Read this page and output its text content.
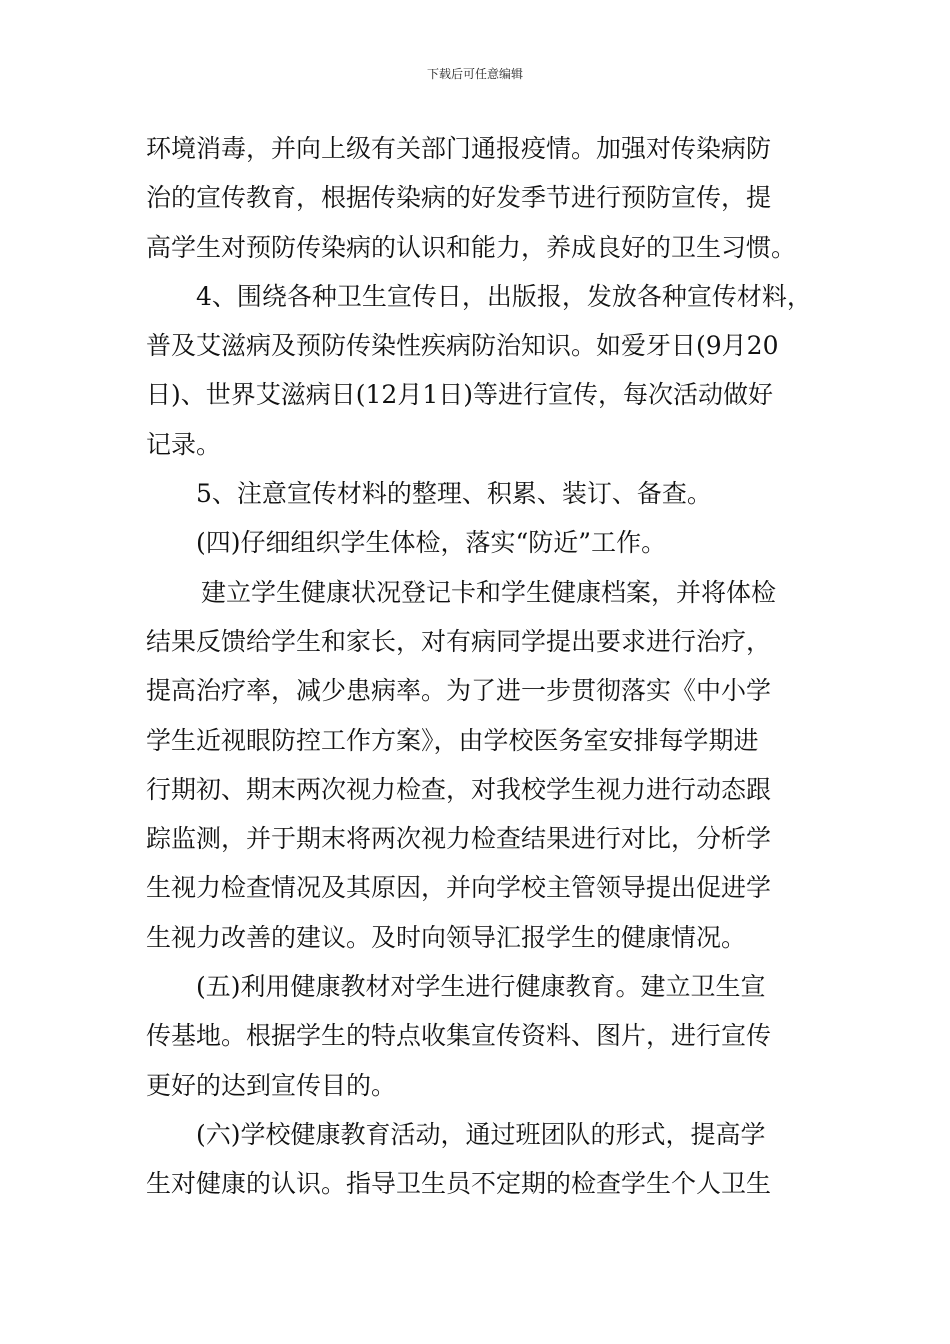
下载后可任意编辑
环境消毒，并向上级有关部门通报疫情。加强对传染病防
治的宣传教育，根据传染病的好发季节进行预防宣传，提
高学生对预防传染病的认识和能力，养成良好的卫生习惯。
4、围绕各种卫生宣传日，出版报，发放各种宣传材料，
普及艾滋病及预防传染性疾病防治知识。如爱牙日(9月20
日)、世界艾滋病日(12月1日)等进行宣传，每次活动做好
记录。
5、注意宣传材料的整理、积累、装订、备查。
(四)仔细组织学生体检，落实“防近”工作。
建立学生健康状况登记卡和学生健康档案，并将体检
结果反馈给学生和家长，对有病同学提出要求进行治疗，
提高治疗率，减少患病率。为了进一步贯彻落实《中小学
学生近视眼防控工作方案》，由学校医务室安排每学期进
行期初、期末两次视力检查，对我校学生视力进行动态跟
踪监测，并于期末将两次视力检查结果进行对比，分析学
生视力检查情况及其原因，并向学校主管领导提出促进学
生视力改善的建议。及时向领导汇报学生的健康情况。
(五)利用健康教材对学生进行健康教育。建立卫生宣
传基地。根据学生的特点收集宣传资料、图片，进行宣传
更好的达到宣传目的。
(六)学校健康教育活动，通过班团队的形式，提高学
生对健康的认识。指导卫生员不定期的检查学生个人卫生
